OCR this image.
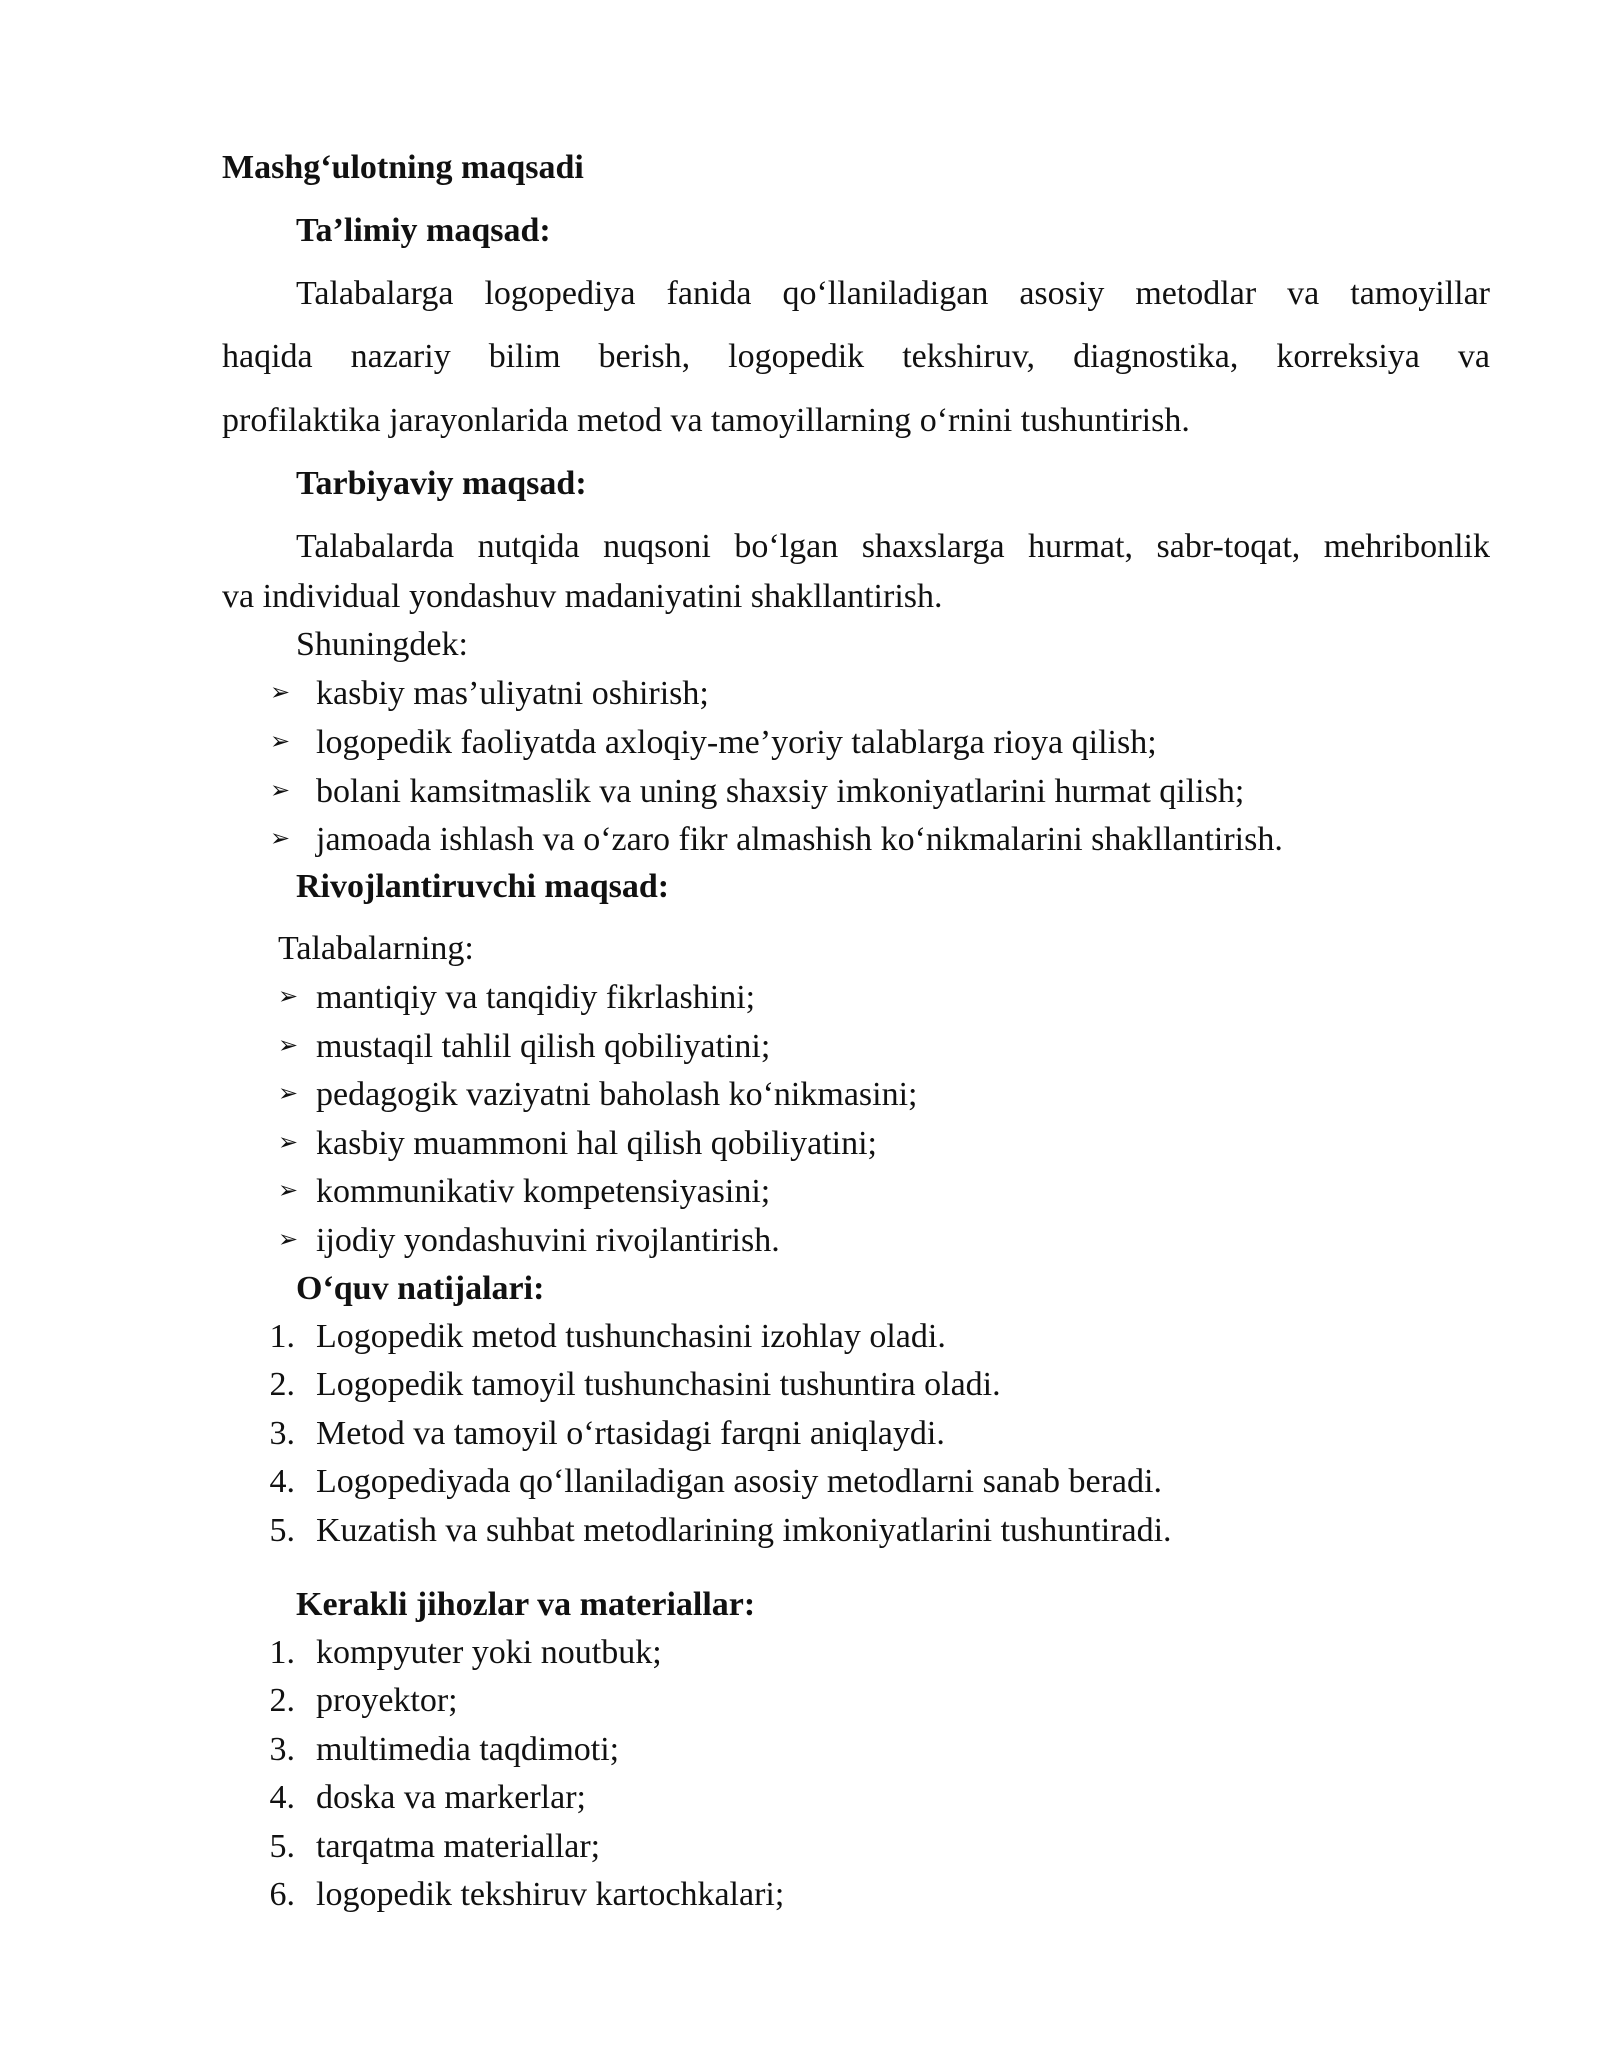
Mashg‘ulotning maqsadi
Ta’limiy maqsad:
Talabalarga logopediya fanida qo‘llaniladigan asosiy metodlar va tamoyillar
haqida nazariy bilim berish, logopedik tekshiruv, diagnostika, korreksiya va
profilaktika jarayonlarida metod va tamoyillarning o‘rnini tushuntirish.
Tarbiyaviy maqsad:
Talabalarda nutqida nuqsoni bo‘lgan shaxslarga hurmat, sabr-toqat, mehribonlik
va individual yondashuv madaniyatini shakllantirish.
Shuningdek:
➢ kasbiy mas’uliyatni oshirish;
➢ logopedik faoliyatda axloqiy-me’yoriy talablarga rioya qilish;
➢ bolani kamsitmaslik va uning shaxsiy imkoniyatlarini hurmat qilish;
➢ jamoada ishlash va o‘zaro fikr almashish ko‘nikmalarini shakllantirish.
Rivojlantiruvchi maqsad:
Talabalarning:
➢ mantiqiy va tanqidiy fikrlashini;
➢ mustaqil tahlil qilish qobiliyatini;
➢ pedagogik vaziyatni baholash ko‘nikmasini;
➢ kasbiy muammoni hal qilish qobiliyatini;
➢ kommunikativ kompetensiyasini;
➢ ijodiy yondashuvini rivojlantirish.
O‘quv natijalari:
1. Logopedik metod tushunchasini izohlay oladi.
2. Logopedik tamoyil tushunchasini tushuntira oladi.
3. Metod va tamoyil o‘rtasidagi farqni aniqlaydi.
4. Logopediyada qo‘llaniladigan asosiy metodlarni sanab beradi.
5. Kuzatish va suhbat metodlarining imkoniyatlarini tushuntiradi.
Kerakli jihozlar va materiallar:
1. kompyuter yoki noutbuk;
2. proyektor;
3. multimedia taqdimoti;
4. doska va markerlar;
5. tarqatma materiallar;
6. logopedik tekshiruv kartochkalari;
